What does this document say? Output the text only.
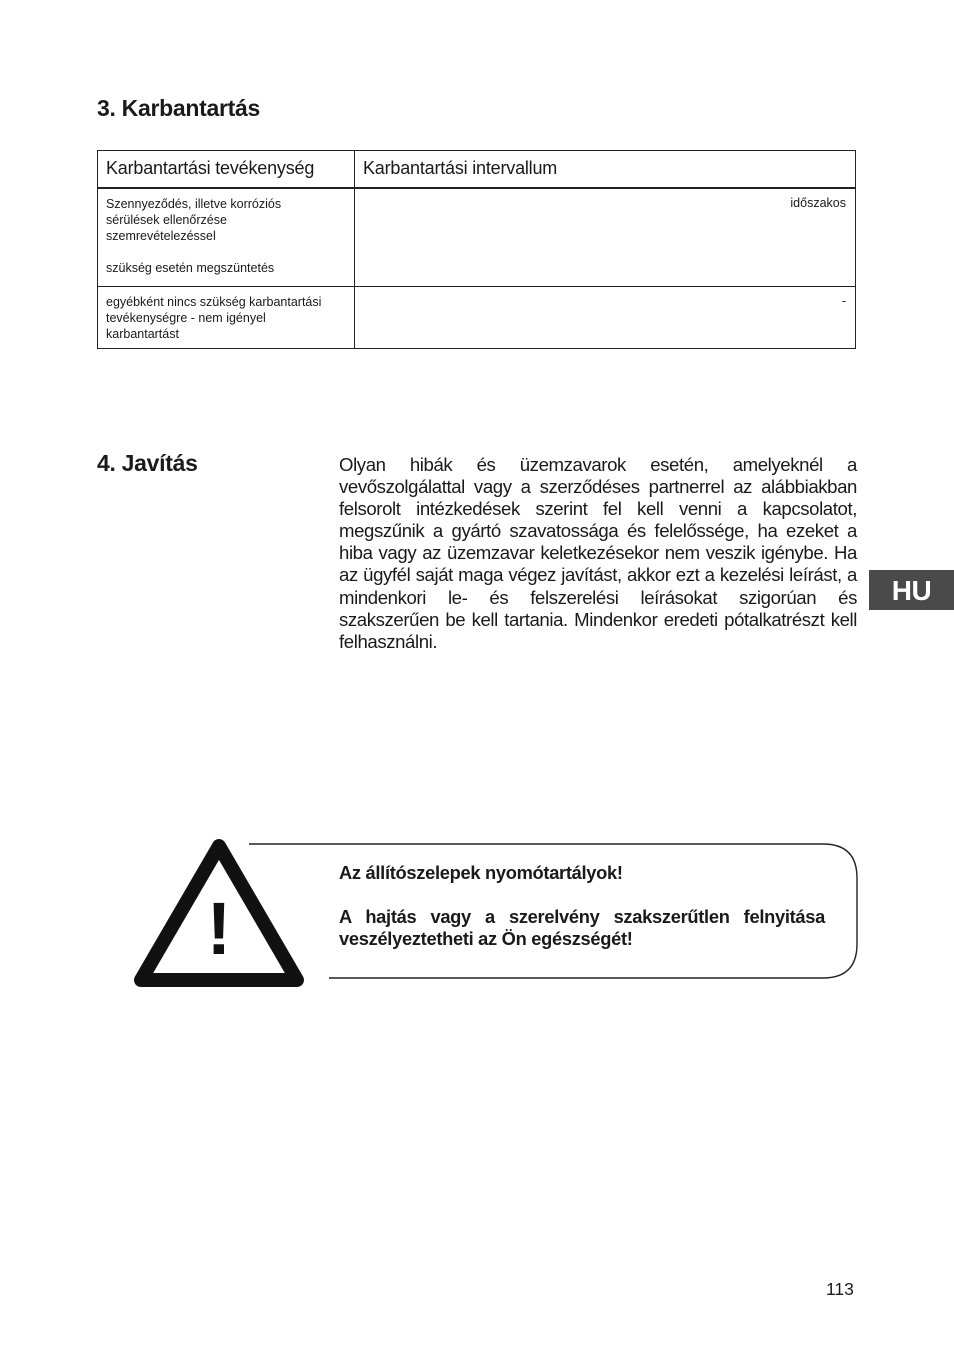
3. Karbantartás
Karbantartási tevékenység	Karbantartási intervallum
Szennyeződés, illetve korróziós
sérülések ellenőrzése
szemrevételezéssel
szükség esetén megszüntetés	időszakos
egyébként nincs szükség karbantartási
tevékenységre - nem igényel
karbantartást	-
4. Javítás	Olyan hibák és üzemzavarok esetén, amelyeknél a vevőszolgálattal vagy a szerződéses partnerrel az alábbiakban felsorolt intézkedések szerint fel kell venni a kapcsolatot, megszűnik a gyártó szavatossága és felelőssége, ha ezeket a hiba vagy az üzemzavar keletkezésekor nem veszik igénybe. Ha az ügyfél saját maga végez javítást, akkor ezt a kezelési leírást, a mindenkori le- és felszerelési leírásokat szigorúan és szakszerűen be kell tartania. Mindenkor eredeti pótalkatrészt kell felhasználni.

HU
!

Az állítószelepek nyomótartályok!

A hajtás vagy a szerelvény szakszerűtlen felnyitása veszélyeztetheti az Ön egészségét!

113
